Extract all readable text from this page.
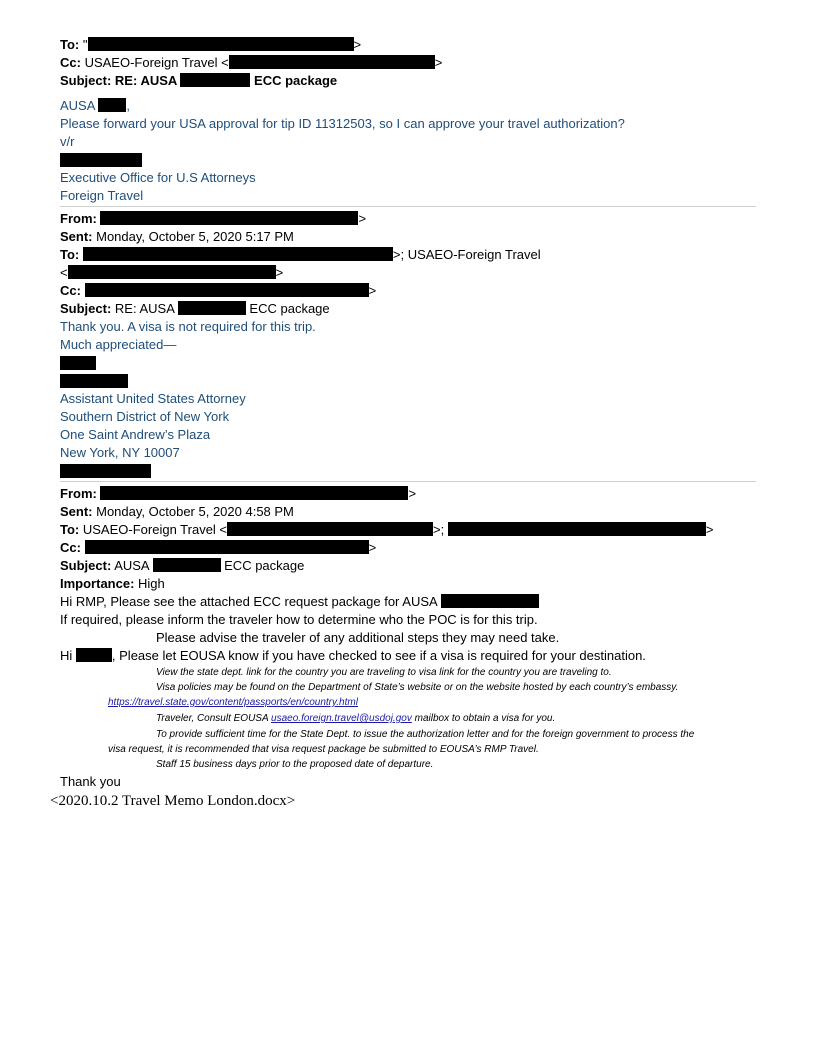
To: "	>
Cc: USAEO-Foreign Travel <	>
Subject: RE: AUSA	ECC package
AUSA ,
Please forward your USA approval for tip ID 11312503, so I can approve your travel authorization?
v/r
Executive Office for U.S Attorneys
Foreign Travel
From:	>
Sent: Monday, October 5, 2020 5:17 PM
To:	>; USAEO-Foreign Travel
<	>
Cc:	>
Subject: RE: AUSA	ECC package
Thank you. A visa is not required for this trip.
Much appreciated—
Assistant United States Attorney
Southern District of New York
One Saint Andrew’s Plaza
New York, NY 10007
From:	>
Sent: Monday, October 5, 2020 4:58 PM
To: USAEO-Foreign Travel <	>;	>
Cc:	>
Subject: AUSA	ECC package
Importance: High
Hi RMP, Please see the attached ECC request package for AUSA
If required, please inform the traveler how to determine who the POC is for this trip.
Please advise the traveler of any additional steps they may need take.
Hi	, Please let EOUSA know if you have checked to see if a visa is required for your destination.
View the state dept. link for the country you are traveling to visa link for the country you are traveling to.
Visa policies may be found on the Department of State’s website or on the website hosted by each country’s embassy.
https://travel.state.gov/content/passports/en/country.html
Traveler, Consult EOUSA usaeo.foreign.travel@usdoj.gov mailbox to obtain a visa for you.
To provide sufficient time for the State Dept. to issue the authorization letter and for the foreign government to process the
visa request, it is recommended that visa request package be submitted to EOUSA’s RMP Travel.
Staff 15 business days prior to the proposed date of departure.
Thank you
<2020.10.2 Travel Memo London.docx>
